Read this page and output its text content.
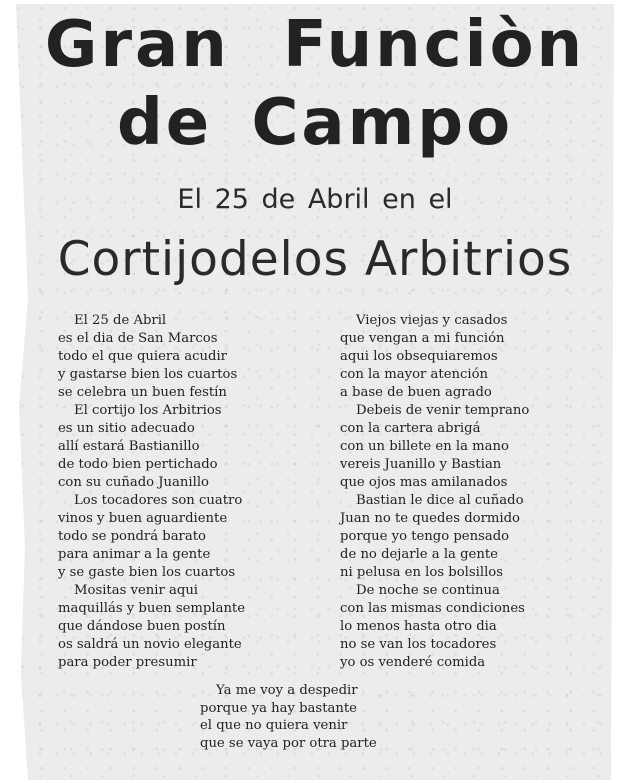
Gran Funciòn
de Campo
El 25 de Abril en el
Cortijodelos Arbitrios
El 25 de Abril
es el dia de San Marcos
todo el que quiera acudir
y gastarse bien los cuartos
se celebra un buen festín
El cortijo los Arbitrios
es un sitio adecuado
allí estará Bastianillo
de todo bien pertichado
con su cuñado Juanillo
Los tocadores son cuatro
vinos y buen aguardiente
todo se pondrá barato
para animar a la gente
y se gaste bien los cuartos
Mositas venir aqui
maquillás y buen semplante
que dándose buen postín
os saldrá un novio elegante
para poder presumir
Viejos viejas y casados
que vengan a mi función
aqui los obsequiaremos
con la mayor atención
a base de buen agrado
Debeis de venir temprano
con la cartera abrigá
con un billete en la mano
vereis Juanillo y Bastian
que ojos mas amilanados
Bastian le dice al cuñado
Juan no te quedes dormido
porque yo tengo pensado
de no dejarle a la gente
ni pelusa en los bolsillos
De noche se continua
con las mismas condiciones
lo menos hasta otro dia
no se van los tocadores
yo os venderé comida
Ya me voy a despedir
porque ya hay bastante
el que no quiera venir
que se vaya por otra parte
